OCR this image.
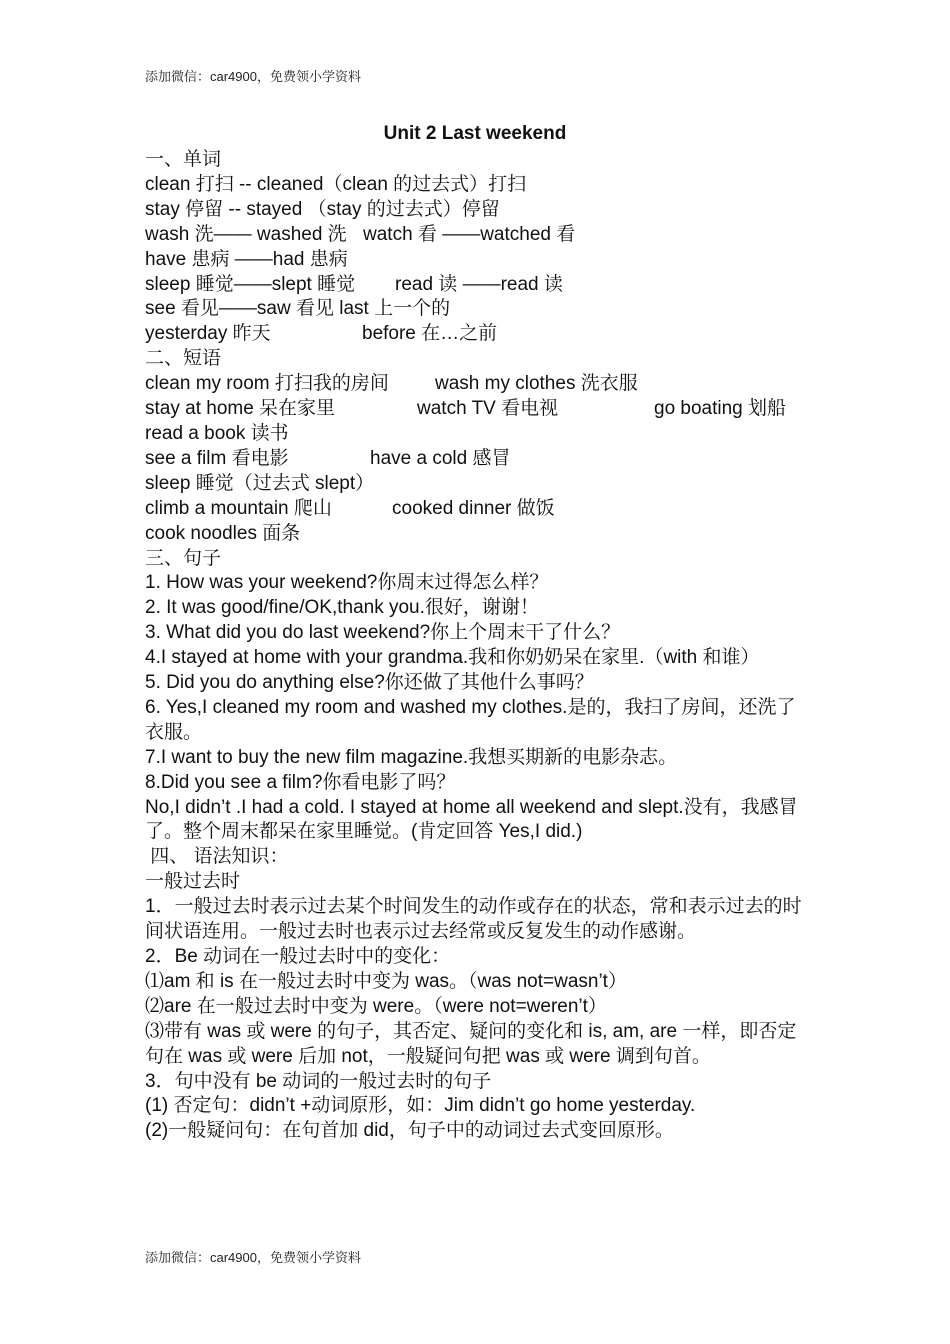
添加微信：car4900，免费领小学资料
Unit 2 Last weekend
一、单词
clean 打扫 -- cleaned（clean 的过去式）打扫
stay 停留 -- stayed （stay 的过去式）停留
wash 洗—— washed 洗 watch 看 ——watched 看
have 患病 ——had 患病
sleep 睡觉——slept 睡觉	read 读 ——read 读
see 看见——saw 看见 last 上一个的
yesterday 昨天	before 在…之前
二、短语
clean my room 打扫我的房间	wash my clothes 洗衣服
stay at home 呆在家里	watch TV 看电视	go boating 划船
read a book 读书
see a film 看电影	have a cold 感冒
sleep 睡觉（过去式 slept）
climb a mountain 爬山	cooked dinner 做饭
cook noodles 面条
三、句子
1. How was your weekend?你周末过得怎么样？
2. It was good/fine/OK,thank you.很好，谢谢！
3. What did you do last weekend?你上个周末干了什么？
4.I stayed at home with your grandma.我和你奶奶呆在家里.（with 和谁）
5. Did you do anything else?你还做了其他什么事吗？
6. Yes,I cleaned my room and washed my clothes.是的，我扫了房间，还洗了衣服。
7.I want to buy the new film magazine.我想买期新的电影杂志。
8.Did you see a film?你看电影了吗？
No,I didn’t .I had a cold. I stayed at home all weekend and slept.没有，我感冒了。整个周末都呆在家里睡觉。(肯定回答 Yes,I did.)
四、 语法知识：
一般过去时
1．一般过去时表示过去某个时间发生的动作或存在的状态，常和表示过去的时间状语连用。一般过去时也表示过去经常或反复发生的动作感谢。
2．Be 动词在一般过去时中的变化：
⑴am 和 is 在一般过去时中变为 was。（was not=wasn’t）
⑵are 在一般过去时中变为 were。（were not=weren’t）
⑶带有 was 或 were 的句子，其否定、疑问的变化和 is, am, are 一样，即否定句在 was 或 were 后加 not，一般疑问句把 was 或 were 调到句首。
3．句中没有 be 动词的一般过去时的句子
(1) 否定句：didn’t +动词原形，如：Jim didn’t go home yesterday.
(2)一般疑问句：在句首加 did，句子中的动词过去式变回原形。
添加微信：car4900，免费领小学资料
